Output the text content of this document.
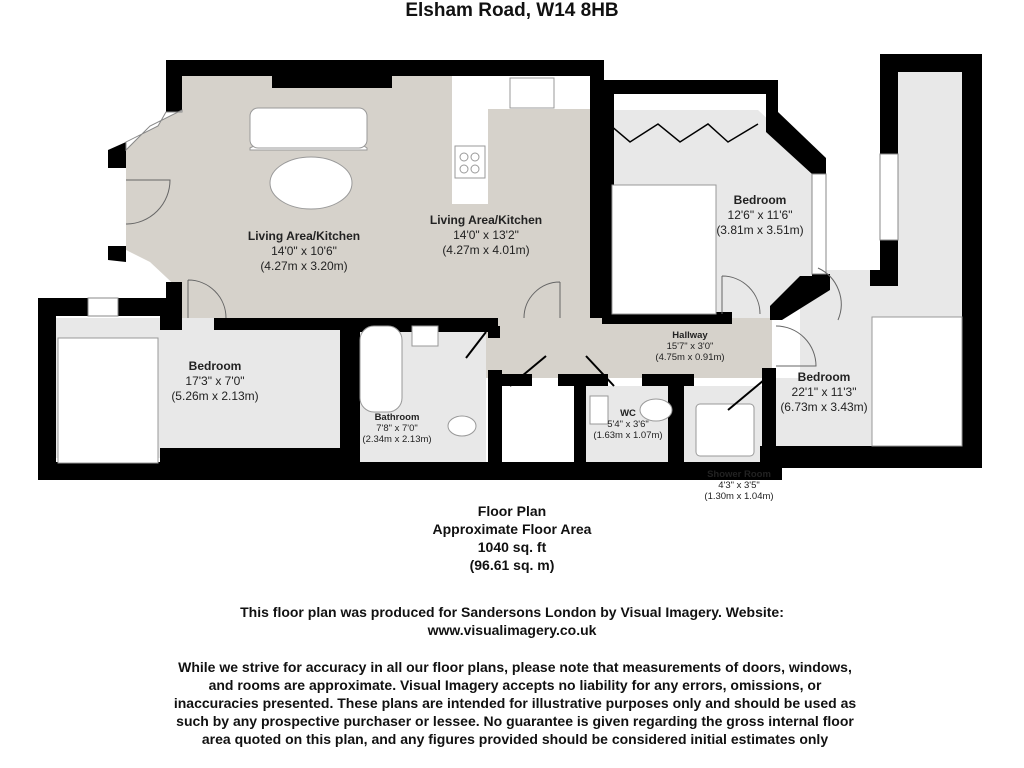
Elsham Road, W14 8HB
Living Area/Kitchen
14'0" x 10'6"
(4.27m x 3.20m)
Living Area/Kitchen
14'0" x 13'2"
(4.27m x 4.01m)
Bedroom
12'6" x 11'6"
(3.81m x 3.51m)
Bedroom
17'3" x 7'0"
(5.26m x 2.13m)
Bedroom
22'1" x 11'3"
(6.73m x 3.43m)
Bathroom
7'8" x 7'0"
(2.34m x 2.13m)
Hallway
15'7" x 3'0"
(4.75m x 0.91m)
WC
5'4" x 3'6"
(1.63m x 1.07m)
Shower Room
4'3" x 3'5"
(1.30m x 1.04m)
Floor Plan
Approximate Floor Area
1040 sq. ft
(96.61 sq. m)
This floor plan was produced for Sandersons London by Visual Imagery. Website:
www.visualimagery.co.uk
While we strive for accuracy in all our floor plans, please note that measurements of doors, windows, and rooms are approximate. Visual Imagery accepts no liability for any errors, omissions, or inaccuracies presented. These plans are intended for illustrative purposes only and should be used as such by any prospective purchaser or lessee. No guarantee is given regarding the gross internal floor area quoted on this plan, and any figures provided should be considered initial estimates only
